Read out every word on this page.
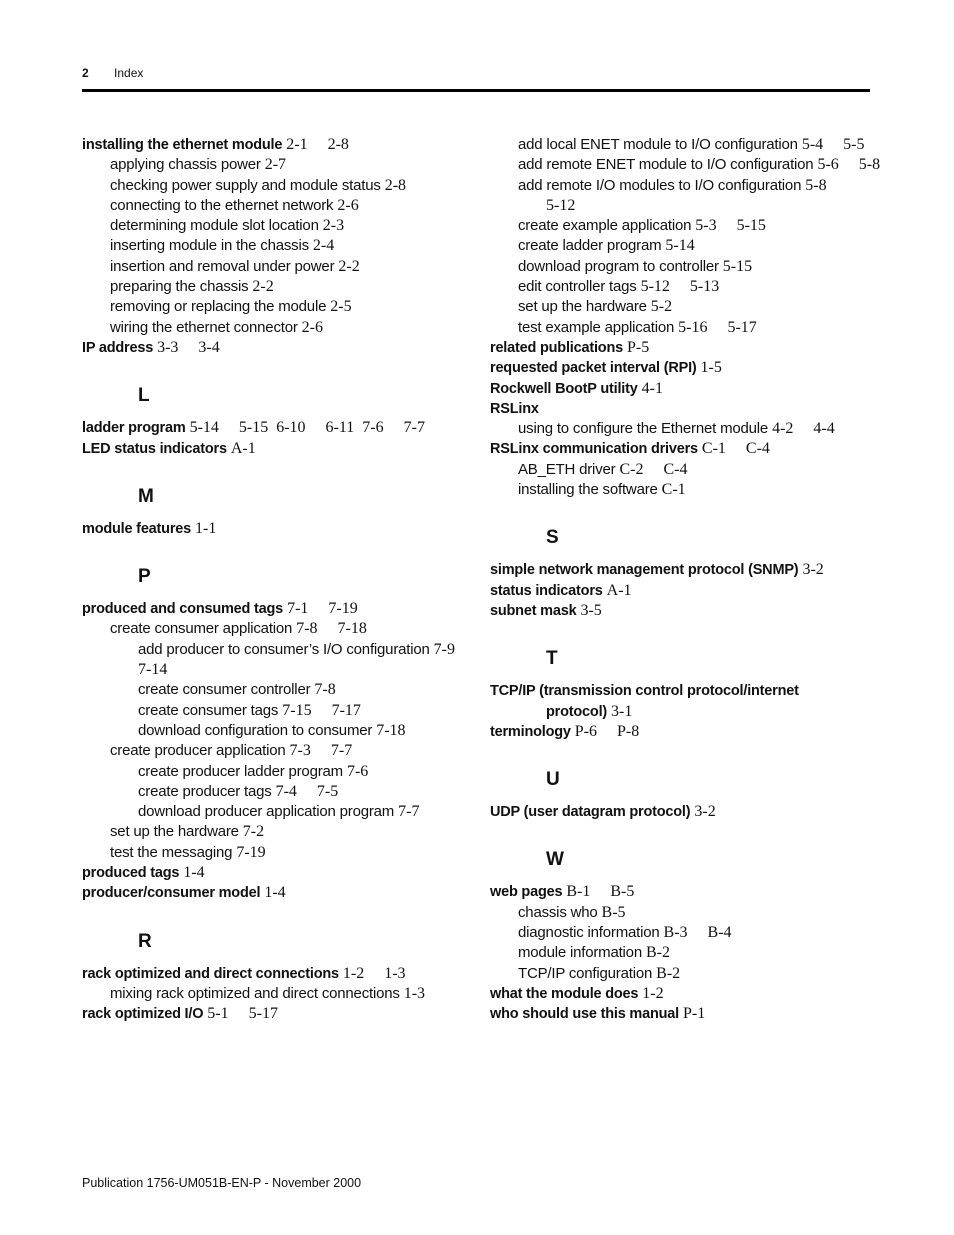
2 Index
installing the ethernet module 2-1     2-8
applying chassis power 2-7
checking power supply and module status 2-8
connecting to the ethernet network 2-6
determining module slot location 2-3
inserting module in the chassis 2-4
insertion and removal under power 2-2
preparing the chassis 2-2
removing or replacing the module 2-5
wiring the ethernet connector 2-6
IP address 3-3     3-4
L
ladder program 5-14     5-15  6-10     6-11  7-6     7-7
LED status indicators A-1
M
module features 1-1
P
produced and consumed tags 7-1     7-19
create consumer application 7-8     7-18
add producer to consumer’s I/O configuration 7-9
7-14
create consumer controller 7-8
create consumer tags 7-15     7-17
download configuration to consumer 7-18
create producer application 7-3     7-7
create producer ladder program 7-6
create producer tags 7-4     7-5
download producer application program 7-7
set up the hardware 7-2
test the messaging 7-19
produced tags 1-4
producer/consumer model 1-4
R
rack optimized and direct connections 1-2     1-3
mixing rack optimized and direct connections 1-3
rack optimized I/O 5-1     5-17
add local ENET module to I/O configuration 5-4     5-5
add remote ENET module to I/O configuration 5-6     5-8
add remote I/O modules to I/O configuration 5-8
5-12
create example application 5-3     5-15
create ladder program 5-14
download program to controller 5-15
edit controller tags 5-12     5-13
set up the hardware 5-2
test example application 5-16     5-17
related publications P-5
requested packet interval (RPI) 1-5
Rockwell BootP utility 4-1
RSLinx
using to configure the Ethernet module 4-2     4-4
RSLinx communication drivers C-1     C-4
AB_ETH driver C-2     C-4
installing the software C-1
S
simple network management protocol (SNMP) 3-2
status indicators A-1
subnet mask 3-5
T
TCP/IP (transmission control protocol/internet
protocol) 3-1
terminology P-6     P-8
U
UDP (user datagram protocol) 3-2
W
web pages B-1     B-5
chassis who B-5
diagnostic information B-3     B-4
module information B-2
TCP/IP configuration B-2
what the module does 1-2
who should use this manual P-1
Publication 1756-UM051B-EN-P - November 2000
